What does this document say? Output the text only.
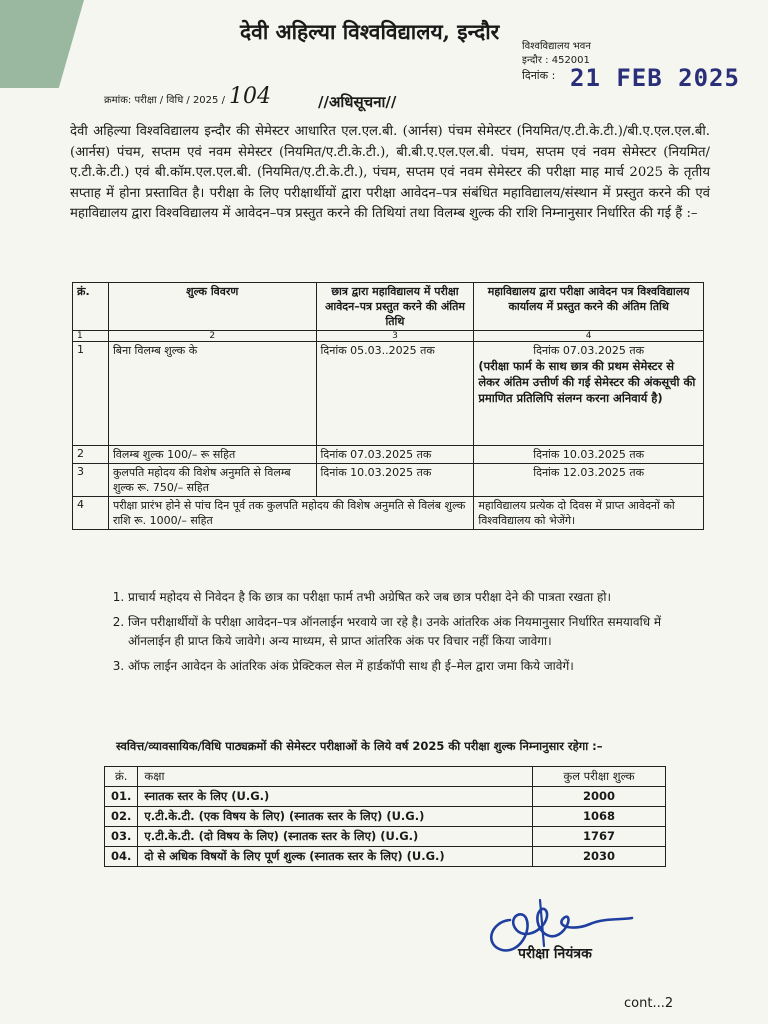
देवी अहिल्या विश्वविद्यालय, इन्दौर
विश्वविद्यालय भवन
इन्दौर : 452001
दिनांक : 21 FEB 2025
क्रमांक: परीक्षा / विधि / 2025 / 104	//अधिसूचना//
देवी अहिल्या विश्वविद्यालय इन्दौर की सेमेस्टर आधारित एल.एल.बी. (आर्नस) पंचम सेमेस्टर (नियमित/ए.टी.के.टी.)/बी.ए.एल.एल.बी. (आर्नस) पंचम, सप्तम एवं नवम सेमेस्टर (नियमित/ए.टी.के.टी.), बी.बी.ए.एल.एल.बी. पंचम, सप्तम एवं नवम सेमेस्टर (नियमित/ए.टी.के.टी.) एवं बी.कॉम.एल.एल.बी. (नियमित/ए.टी.के.टी.), पंचम, सप्तम एवं नवम सेमेस्टर की परीक्षा माह मार्च 2025 के तृतीय सप्ताह में होना प्रस्तावित है। परीक्षा के लिए परीक्षार्थीयों द्वारा परीक्षा आवेदन–पत्र संबंधित महाविद्यालय/संस्थान में प्रस्तुत करने की एवं महाविद्यालय द्वारा विश्वविद्यालय में आवेदन–पत्र प्रस्तुत करने की तिथियां तथा विलम्ब शुल्क की राशि निम्नानुसार निर्धारित की गई हैं :–
क्रं.	शुल्क विवरण	छात्र द्वारा महाविद्यालय में परीक्षा आवेदन–पत्र प्रस्तुत करने की अंतिम तिथि	महाविद्यालय द्वारा परीक्षा आवेदन पत्र विश्वविद्यालय कार्यालय में प्रस्तुत करने की अंतिम तिथि
1	2	3	4
1	बिना विलम्ब शुल्क के	दिनांक 05.03..2025 तक	दिनांक 07.03.2025 तक
(परीक्षा फार्म के साथ छात्र की प्रथम सेमेस्टर से लेकर अंतिम उत्तीर्ण की गई सेमेस्टर की अंकसूची की प्रमाणित प्रतिलिपि संलग्न करना अनिवार्य है)

2	विलम्ब शुल्क 100/– रू सहित	दिनांक 07.03.2025 तक	दिनांक 10.03.2025 तक
3	कुलपति महोदय की विशेष अनुमति से विलम्ब शुल्क रू. 750/– सहित	दिनांक 10.03.2025 तक	दिनांक 12.03.2025 तक
4	परीक्षा प्रारंभ होने से पांच दिन पूर्व तक कुलपति महोदय की विशेष अनुमति से विलंब शुल्क राशि रू. 1000/– सहित		महाविद्यालय प्रत्येक दो दिवस में प्राप्त आवेदनों को विश्वविद्यालय को भेजेंगे।
1. प्राचार्य महोदय से निवेदन है कि छात्र का परीक्षा फार्म तभी अग्रेषित करे जब छात्र परीक्षा देने की पात्रता रखता हो।
2. जिन परीक्षार्थीयों के परीक्षा आवेदन–पत्र ऑनलाईन भरवाये जा रहे है। उनके आंतरिक अंक नियमानुसार निर्धारित समयावधि में ऑनलाईन ही प्राप्त किये जावेगे। अन्य माध्यम, से प्राप्त आंतरिक अंक पर विचार नहीं किया जावेगा।
3. ऑफ लाईन आवेदन के आंतरिक अंक प्रेक्टिकल सेल में हार्डकॉपी साथ ही ई–मेल द्वारा जमा किये जावेगें।
स्ववित्त/व्यावसायिक/विधि पाठ्यक्रमों की सेमेस्टर परीक्षाओं के लिये वर्ष 2025 की परीक्षा शुल्क निम्नानुसार रहेगा :–
क्रं.	कक्षा	कुल परीक्षा शुल्क
01.	स्नातक स्तर के लिए (U.G.)	2000
02.	ए.टी.के.टी. (एक विषय के लिए) (स्नातक स्तर के लिए) (U.G.)	1068
03.	ए.टी.के.टी. (दो विषय के लिए) (स्नातक स्तर के लिए) (U.G.)	1767
04.	दो से अधिक विषयों के लिए पूर्ण शुल्क (स्नातक स्तर के लिए) (U.G.)	2030
परीक्षा नियंत्रक
cont...2
